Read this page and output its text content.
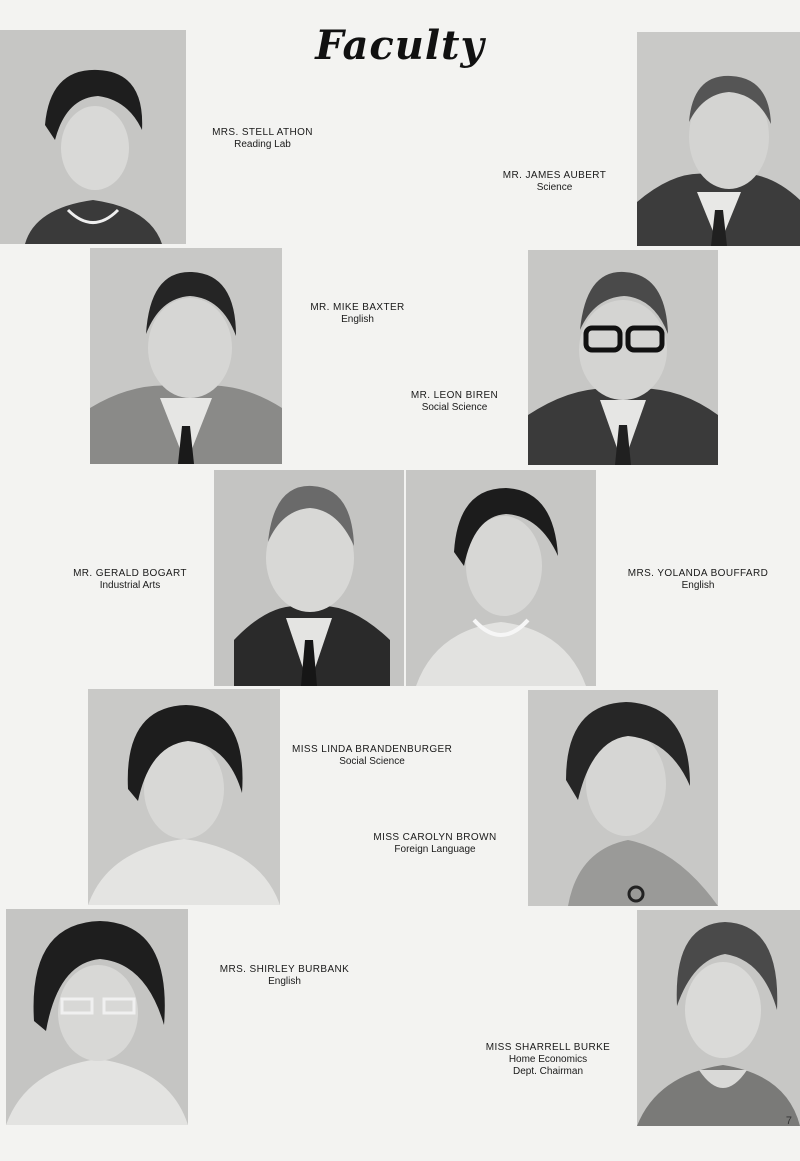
Faculty
MRS. STELL ATHON
Reading Lab
MR. JAMES AUBERT
Science
MR. MIKE BAXTER
English
MR. LEON BIREN
Social Science
MR. GERALD BOGART
Industrial Arts
MRS. YOLANDA BOUFFARD
English
MISS LINDA BRANDENBURGER
Social Science
MISS CAROLYN BROWN
Foreign Language
MRS. SHIRLEY BURBANK
English
MISS SHARRELL BURKE
Home Economics
Dept. Chairman
7
